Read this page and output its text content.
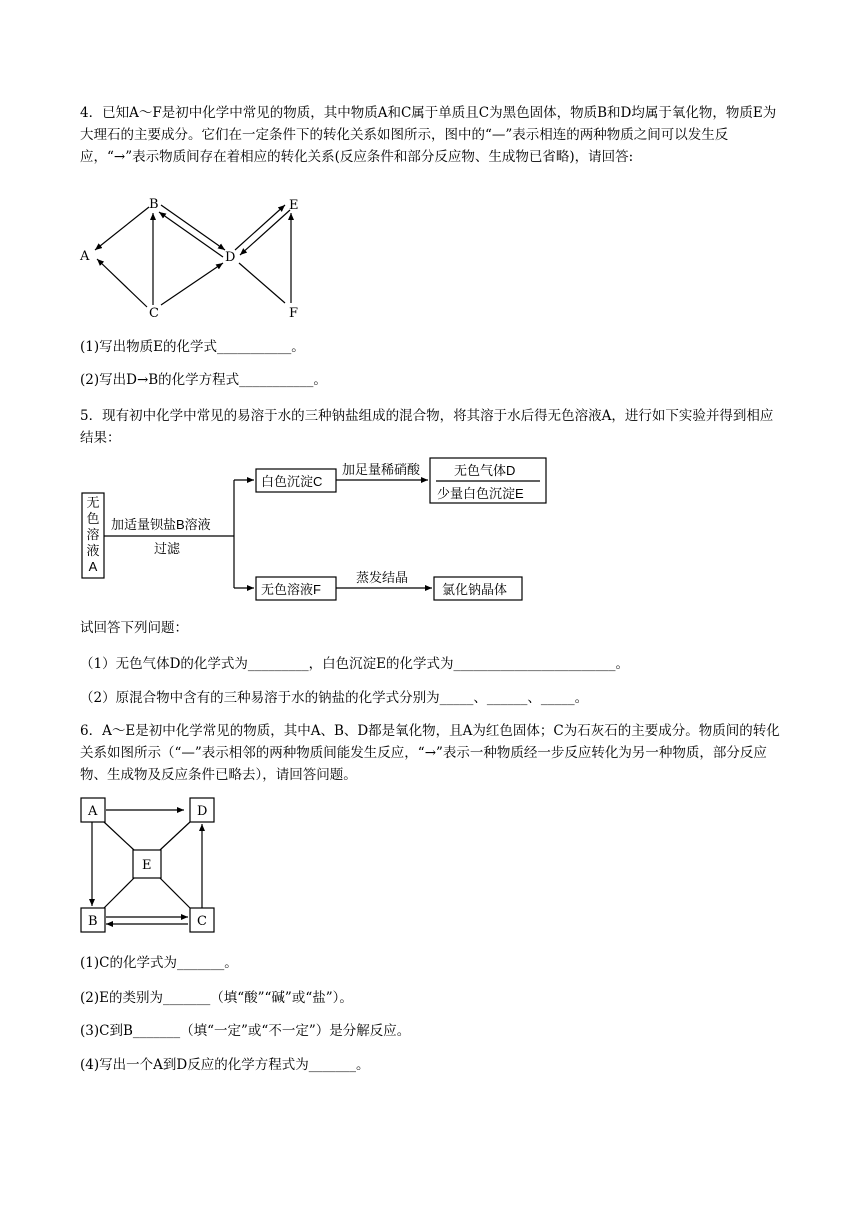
4．已知A～F是初中化学中常见的物质，其中物质A和C属于单质且C为黑色固体，物质B和D均属于氧化物，物质E为大理石的主要成分。它们在一定条件下的转化关系如图所示，图中的“—”表示相连的两种物质之间可以发生反应，“→”表示物质间存在着相应的转化关系(反应条件和部分反应物、生成物已省略)，请回答:
B
A
C
D
E
F
(1)写出物质E的化学式___________。
(2)写出D→B的化学方程式___________。
5．现有初中化学中常见的易溶于水的三种钠盐组成的混合物，将其溶于水后得无色溶液A，进行如下实验并得到相应结果：
无色溶液A
加适量钡盐B溶液
过滤
白色沉淀C
加足量稀硝酸	无色气体D
少量白色沉淀E
无色溶液F
蒸发结晶
氯化钠晶体
试回答下列问题：
（1）无色气体D的化学式为_________，白色沉淀E的化学式为________________________。
（2）原混合物中含有的三种易溶于水的钠盐的化学式分别为_____、______、_____。
6．A～E是初中化学常见的物质，其中A、B、D都是氧化物，且A为红色固体；C为石灰石的主要成分。物质间的转化关系如图所示（“—”表示相邻的两种物质间能发生反应，“→”表示一种物质经一步反应转化为另一种物质，部分反应物、生成物及反应条件已略去），请回答问题。
A	D
E
B	C
(1)C的化学式为_______。
(2)E的类别为_______（填“酸”“碱”或“盐”）。
(3)C到B_______（填“一定”或“不一定”）是分解反应。
(4)写出一个A到D反应的化学方程式为_______。
